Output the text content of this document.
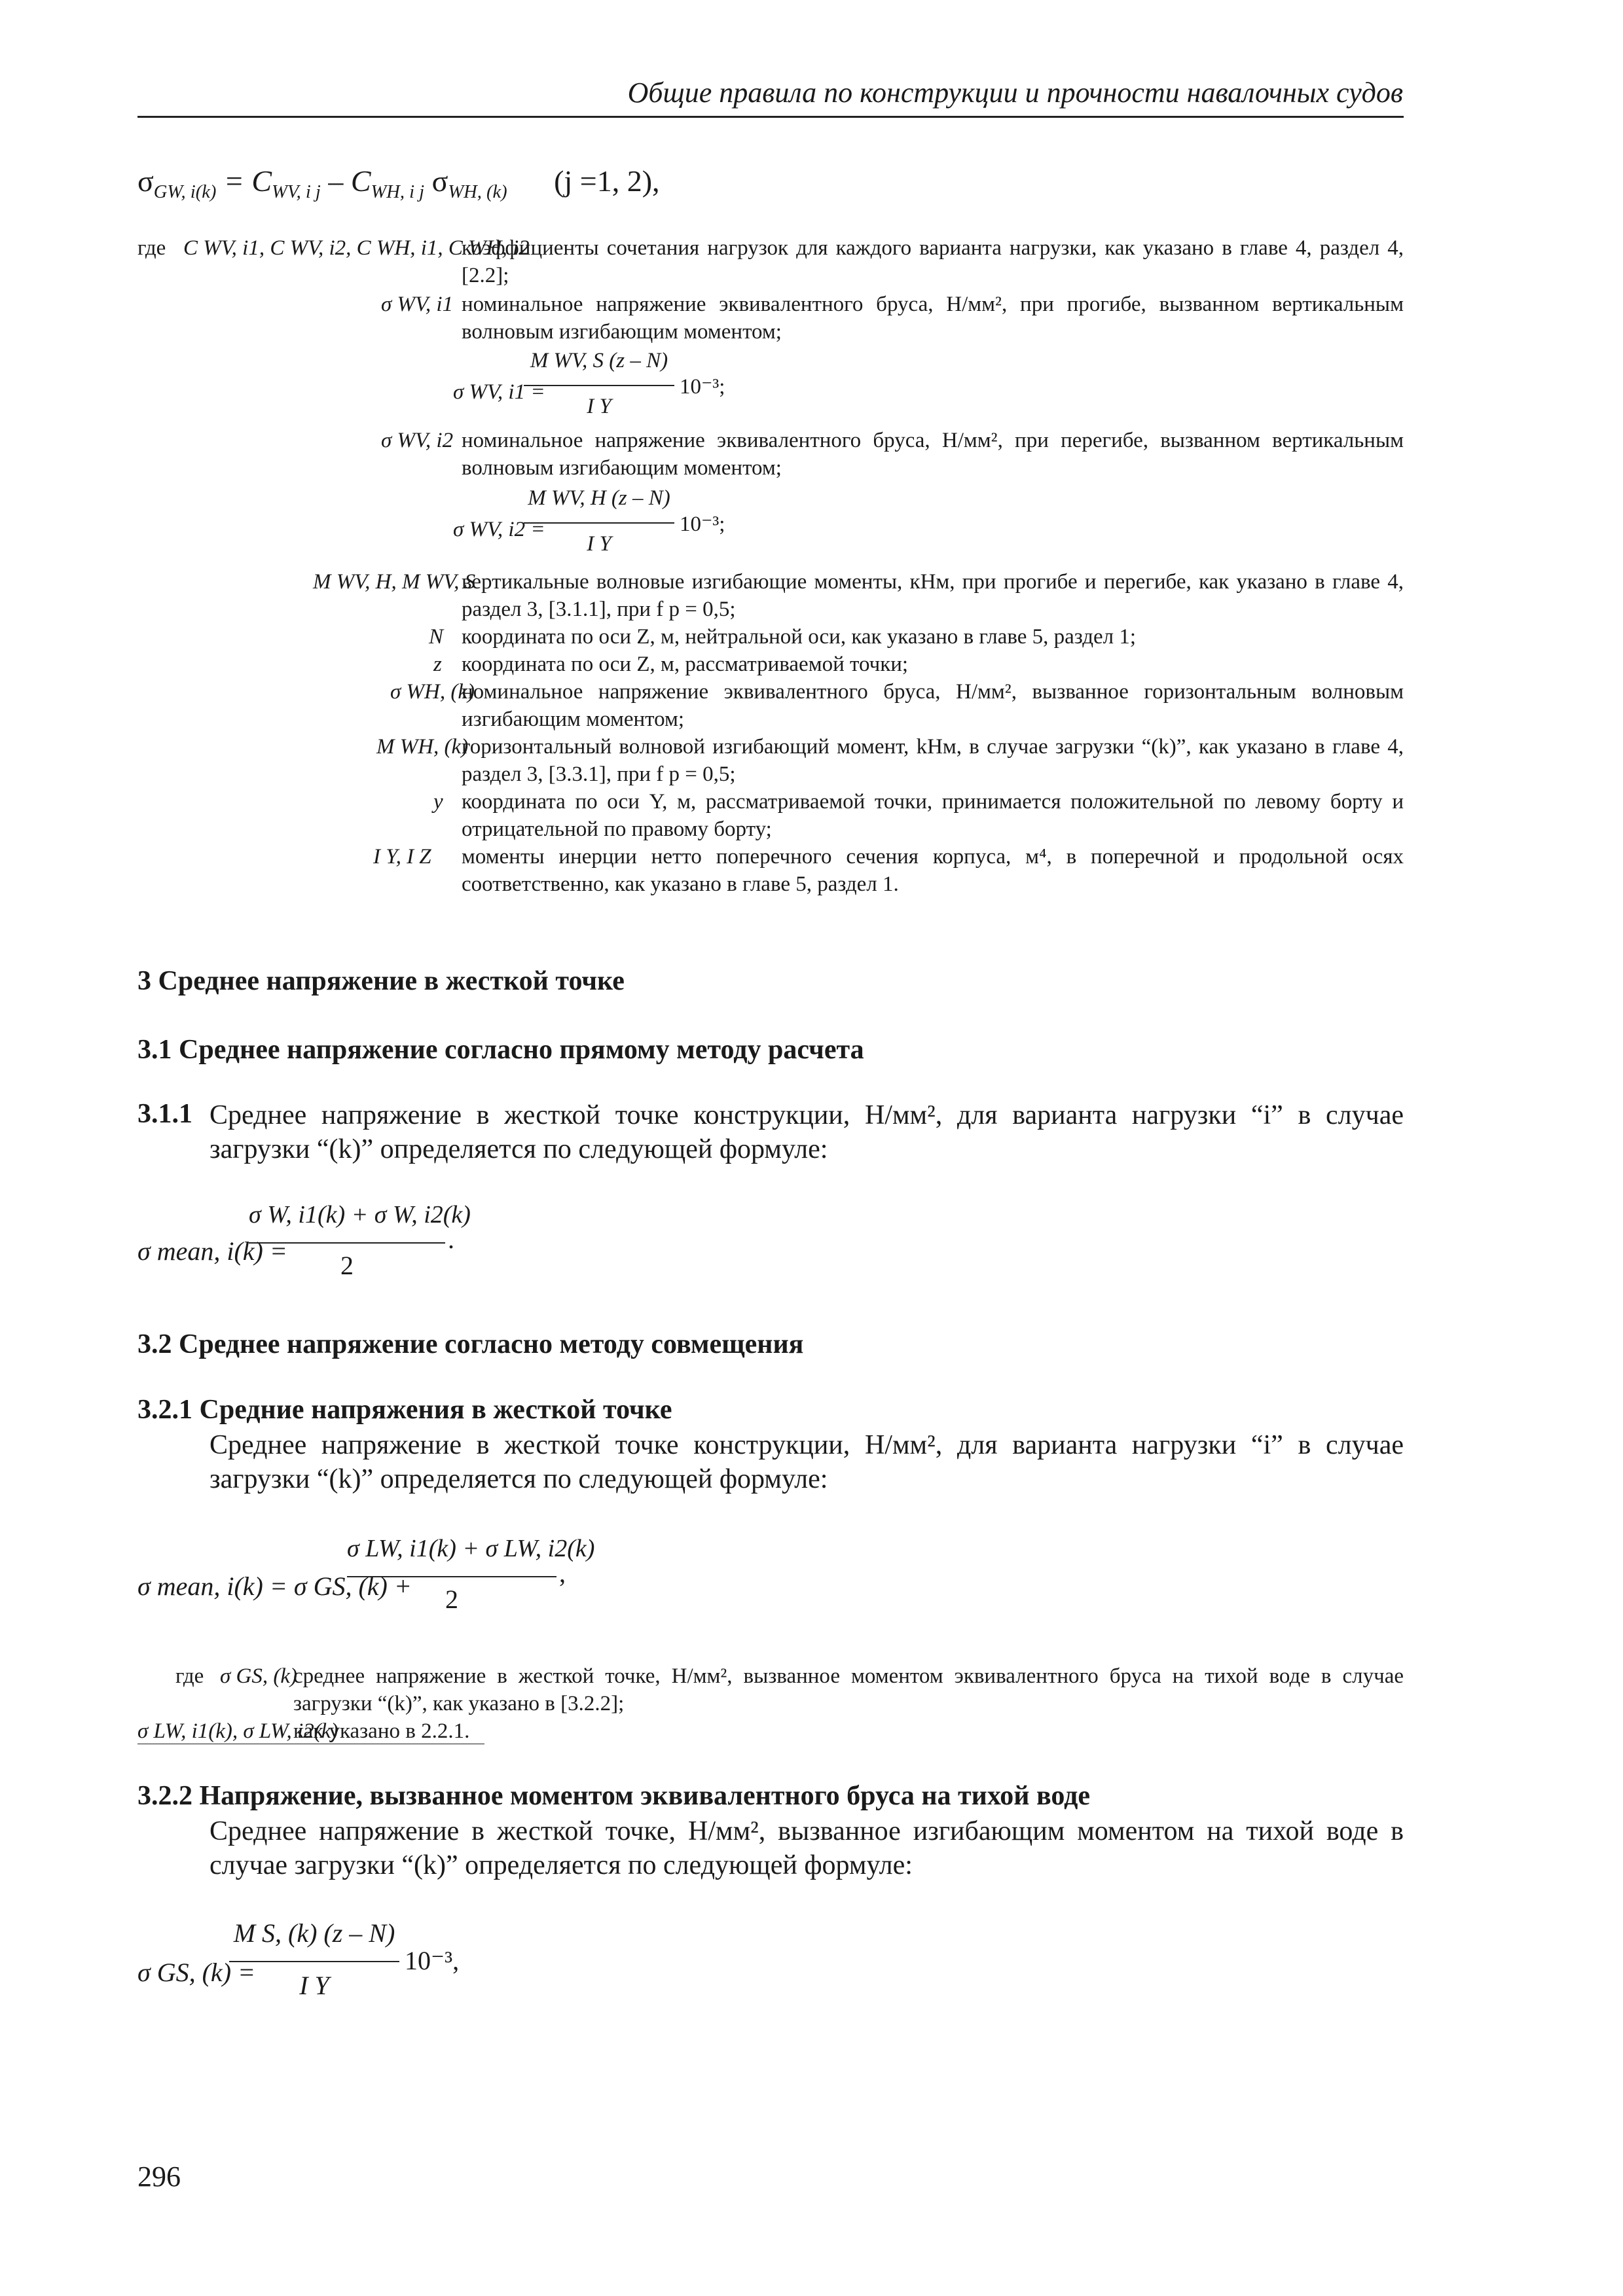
Общие правила по конструкции и прочности навалочных судов
$\sigma_{GW, i(k)} = C_{WV, i j} - C_{WH, i j}$ $\sigma_{WH, (k)}$ (j =1, 2),
где C WV, i1, C WV, i2, C WH, i1, C WH, i2
коэффициенты сочетания нагрузок для каждого варианта нагрузки, как указано в главе 4, раздел 4, [2.2];
σ WV, i1 номинальное напряжение эквивалентного бруса, Н/мм², при прогибе, вызванном вертикальным волновым изгибающим моментом;
σ WV, i1 =
M WV, S (z – N)
I Y
10⁻³;
σ WV, i2 номинальное напряжение эквивалентного бруса, Н/мм², при перегибе, вызванном вертикальным волновым изгибающим моментом;
σ WV, i2 =
M WV, H (z – N)
I Y
10⁻³;
M WV, H, M WV, S
вертикальные волновые изгибающие моменты, кНм, при прогибе и перегибе, как указано в главе 4, раздел 3, [3.1.1], при f p = 0,5;
N координата по оси Z, м, нейтральной оси, как указано в главе 5, раздел 1;
z координата по оси Z, м, рассматриваемой точки;
σ WH, (k)
номинальное напряжение эквивалентного бруса, Н/мм², вызванное горизонтальным волновым изгибающим моментом;
M WH, (k)
горизонтальный волновой изгибающий момент, kНм, в случае загрузки “(k)”, как указано в главе 4, раздел 3, [3.3.1], при f p = 0,5;
y координата по оси Y, м, рассматриваемой точки, принимается положительной по левому борту и отрицательной по правому борту;
I Y, I Z моменты инерции нетто поперечного сечения корпуса, м⁴, в поперечной и продольной осях соответственно, как указано в главе 5, раздел 1.
3 Среднее напряжение в жесткой точке
3.1 Среднее напряжение согласно прямому методу расчета
3.1.1 Среднее напряжение в жесткой точке конструкции, Н/мм², для варианта нагрузки “i” в случае загрузки “(k)” определяется по следующей формуле:
σ mean, i(k) =
σ W, i1(k) + σ W, i2(k)
2
.
3.2 Среднее напряжение согласно методу совмещения
3.2.1 Средние напряжения в жесткой точке
Среднее напряжение в жесткой точке конструкции, Н/мм², для варианта нагрузки “i” в случае загрузки “(k)” определяется по следующей формуле:
σ mean, i(k) = σ GS, (k) +
σ LW, i1(k) + σ LW, i2(k)
2
,
где σ GS, (k)
среднее напряжение в жесткой точке, Н/мм², вызванное моментом эквивалентного бруса на тихой воде в случае загрузки “(k)”, как указано в [3.2.2];
σ LW, i1(k), σ LW, i2(k)
как указано в 2.2.1.
3.2.2 Напряжение, вызванное моментом эквивалентного бруса на тихой воде
Среднее напряжение в жесткой точке, Н/мм², вызванное изгибающим моментом на тихой воде в случае загрузки “(k)” определяется по следующей формуле:
σ GS, (k) =
M S, (k) (z – N)
I Y
10⁻³,
296
